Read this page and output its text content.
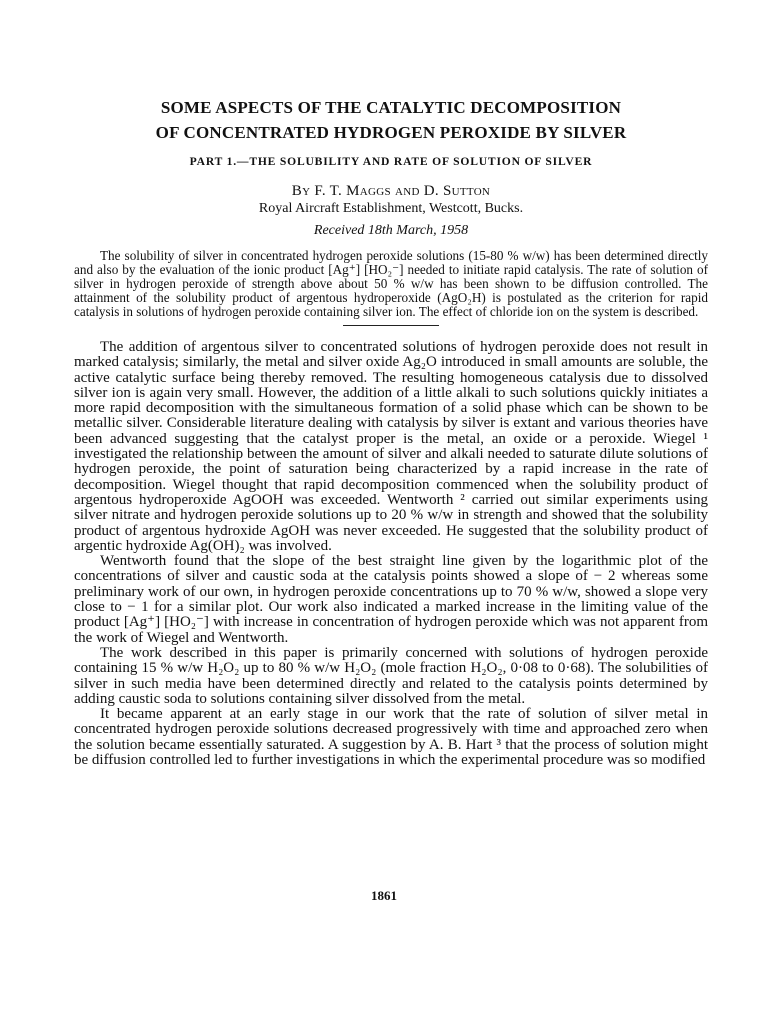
SOME ASPECTS OF THE CATALYTIC DECOMPOSITION
OF CONCENTRATED HYDROGEN PEROXIDE BY SILVER
PART 1.—THE SOLUBILITY AND RATE OF SOLUTION OF SILVER
By F. T. Maggs and D. Sutton
Royal Aircraft Establishment, Westcott, Bucks.
Received 18th March, 1958

The solubility of silver in concentrated hydrogen peroxide solutions (15-80 % w/w) has been determined directly and also by the evaluation of the ionic product [Ag⁺] [HO₂⁻] needed to initiate rapid catalysis. The rate of solution of silver in hydrogen peroxide of strength above about 50 % w/w has been shown to be diffusion controlled. The attainment of the solubility product of argentous hydroperoxide (AgO₂H) is postulated as the criterion for rapid catalysis in solutions of hydrogen peroxide containing silver ion. The effect of chloride ion on the system is described.

The addition of argentous silver to concentrated solutions of hydrogen peroxide does not result in marked catalysis; similarly, the metal and silver oxide Ag₂O introduced in small amounts are soluble, the active catalytic surface being thereby removed. The resulting homogeneous catalysis due to dissolved silver ion is again very small. However, the addition of a little alkali to such solutions quickly initiates a more rapid decomposition with the simultaneous formation of a solid phase which can be shown to be metallic silver. Considerable literature dealing with catalysis by silver is extant and various theories have been advanced suggesting that the catalyst proper is the metal, an oxide or a peroxide. Wiegel ¹ investigated the relationship between the amount of silver and alkali needed to saturate dilute solutions of hydrogen peroxide, the point of saturation being characterized by a rapid increase in the rate of decomposition. Wiegel thought that rapid decomposition commenced when the solubility product of argentous hydroperoxide AgOOH was exceeded. Wentworth ² carried out similar experiments using silver nitrate and hydrogen peroxide solutions up to 20 % w/w in strength and showed that the solubility product of argentous hydroxide AgOH was never exceeded. He suggested that the solubility product of argentic hydroxide Ag(OH)₂ was involved.

Wentworth found that the slope of the best straight line given by the logarithmic plot of the concentrations of silver and caustic soda at the catalysis points showed a slope of − 2 whereas some preliminary work of our own, in hydrogen peroxide concentrations up to 70 % w/w, showed a slope very close to − 1 for a similar plot. Our work also indicated a marked increase in the limiting value of the product [Ag⁺] [HO₂⁻] with increase in concentration of hydrogen peroxide which was not apparent from the work of Wiegel and Wentworth.

The work described in this paper is primarily concerned with solutions of hydrogen peroxide containing 15 % w/w H₂O₂ up to 80 % w/w H₂O₂ (mole fraction H₂O₂, 0·08 to 0·68). The solubilities of silver in such media have been determined directly and related to the catalysis points determined by adding caustic soda to solutions containing silver dissolved from the metal.

It became apparent at an early stage in our work that the rate of solution of silver metal in concentrated hydrogen peroxide solutions decreased progressively with time and approached zero when the solution became essentially saturated. A suggestion by A. B. Hart ³ that the process of solution might be diffusion controlled led to further investigations in which the experimental procedure was so modified

1861
